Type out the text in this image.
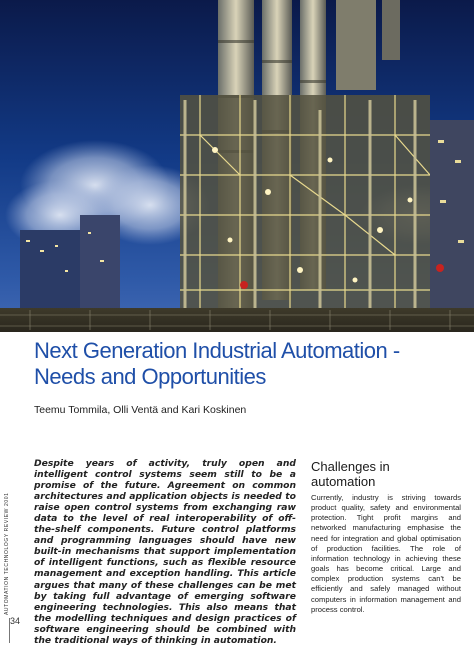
Next Generation Industrial Automation -
Needs and Opportunities
Teemu Tommila, Olli Ventä and Kari Koskinen
AUTOMATION TECHNOLOGY REVIEW 2001
34

Despite years of activity, truly open and intelligent control systems seem still to be a promise of the future. Agreement on common architectures and application objects is needed to raise open control systems from exchanging raw data to the level of real interoperability of off-the-shelf components. Future control platforms and programming languages should have new built-in mechanisms that support implementation of intelligent functions, such as flexible resource management and exception handling. This article argues that many of these challenges can be met by taking full advantage of emerging software engineering technologies. This also means that the modelling techniques and design practices of software engineering should be combined with the traditional ways of thinking in automation.

Challenges in
automation

Currently, industry is striving towards product quality, safety and environmental protection. Tight profit margins and networked manufacturing emphasise the need for integration and global optimisation of production facilities. The role of information technology in achieving these goals has become critical. Large and complex production systems can't be efficiently and safely managed without computers in information management and process control.
